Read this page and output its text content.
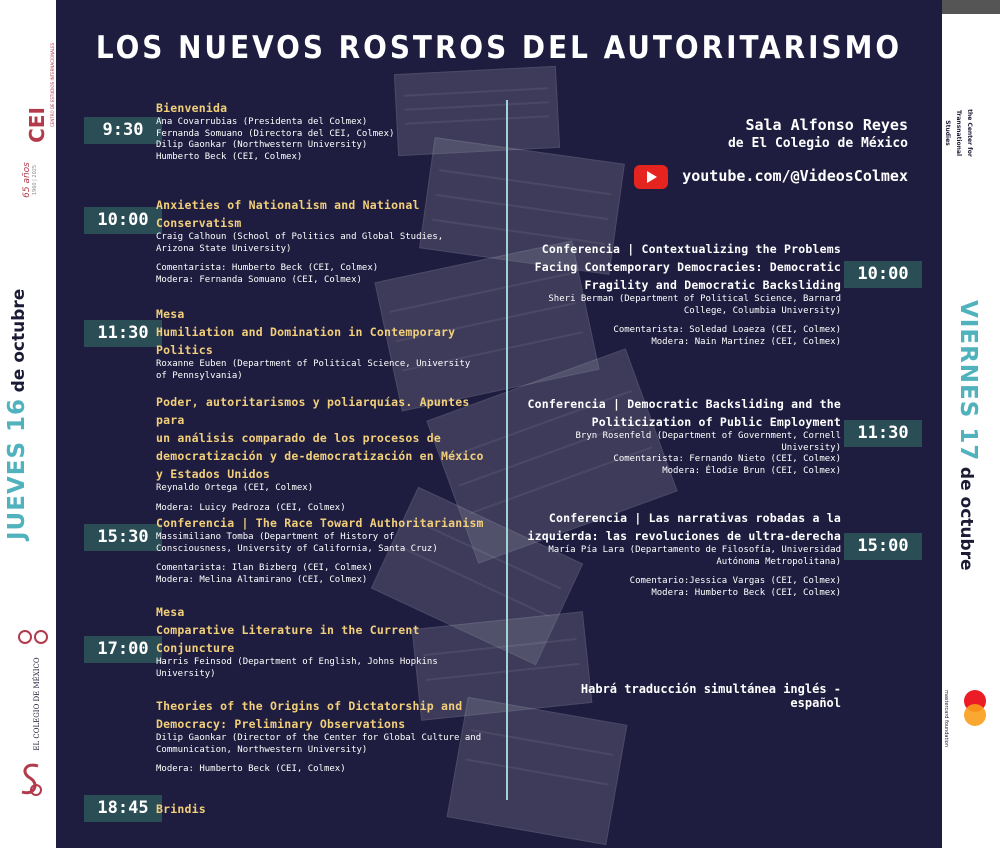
CEI CENTRO DE ESTUDIOS INTERNACIONALES
65 años 1960 | 2025
EL COLEGIO DE MÉXICO
the Center for Transnational Studies
mastercard foundation
JUEVES 16 de octubre	VIERNES 17 de octubre
LOS NUEVOS ROSTROS DEL AUTORITARISMO
Sala Alfonso Reyes
de El Colegio de México
youtube.com/@VideosColmex
9:30
Bienvenida
Ana Covarrubias (Presidenta del Colmex)
Fernanda Somuano (Directora del CEI, Colmex)
Dilip Gaonkar (Northwestern University)
Humberto Beck (CEI, Colmex)
10:00
Anxieties of Nationalism and National
Conservatism
Craig Calhoun (School of Politics and Global Studies,
Arizona State University)
Comentarista: Humberto Beck (CEI, Colmex)
Modera: Fernanda Somuano (CEI, Colmex)
11:30
Mesa
Humiliation and Domination in Contemporary
Politics
Roxanne Euben (Department of Political Science, University
of Pennsylvania)
Poder, autoritarismos y poliarquías. Apuntes para
un análisis comparado de los procesos de
democratización y de-democratización en México
y Estados Unidos
Reynaldo Ortega (CEI, Colmex)
Modera: Luicy Pedroza (CEI, Colmex)
15:30
Conferencia | The Race Toward Authoritarianism
Massimiliano Tomba (Department of History of
Consciousness, University of California, Santa Cruz)
Comentarista: Ilan Bizberg (CEI, Colmex)
Modera: Melina Altamirano (CEI, Colmex)
17:00
Mesa
Comparative Literature in the Current
Conjuncture
Harris Feinsod (Department of English, Johns Hopkins
University)
Theories of the Origins of Dictatorship and
Democracy: Preliminary Observations
Dilip Gaonkar (Director of the Center for Global Culture and
Communication, Northwestern University)
Modera: Humberto Beck (CEI, Colmex)
18:45 Brindis
Conferencia | Contextualizing the Problems
Facing Contemporary Democracies: Democratic
Fragility and Democratic Backsliding
Sheri Berman (Department of Political Science, Barnard
College, Columbia University)
Comentarista: Soledad Loaeza (CEI, Colmex)
Modera: Nain Martínez (CEI, Colmex)
10:00
Conferencia | Democratic Backsliding and the
Politicization of Public Employment
Bryn Rosenfeld (Department of Government, Cornell
University)
Comentarista: Fernando Nieto (CEI, Colmex)
Modera: Élodie Brun (CEI, Colmex)
11:30
Conferencia | Las narrativas robadas a la
izquierda: las revoluciones de ultra-derecha
María Pía Lara (Departamento de Filosofía, Universidad
Autónoma Metropolitana)
Comentario:Jessica Vargas (CEI, Colmex)
Modera: Humberto Beck (CEI, Colmex)
15:00
Habrá traducción simultánea inglés - español
